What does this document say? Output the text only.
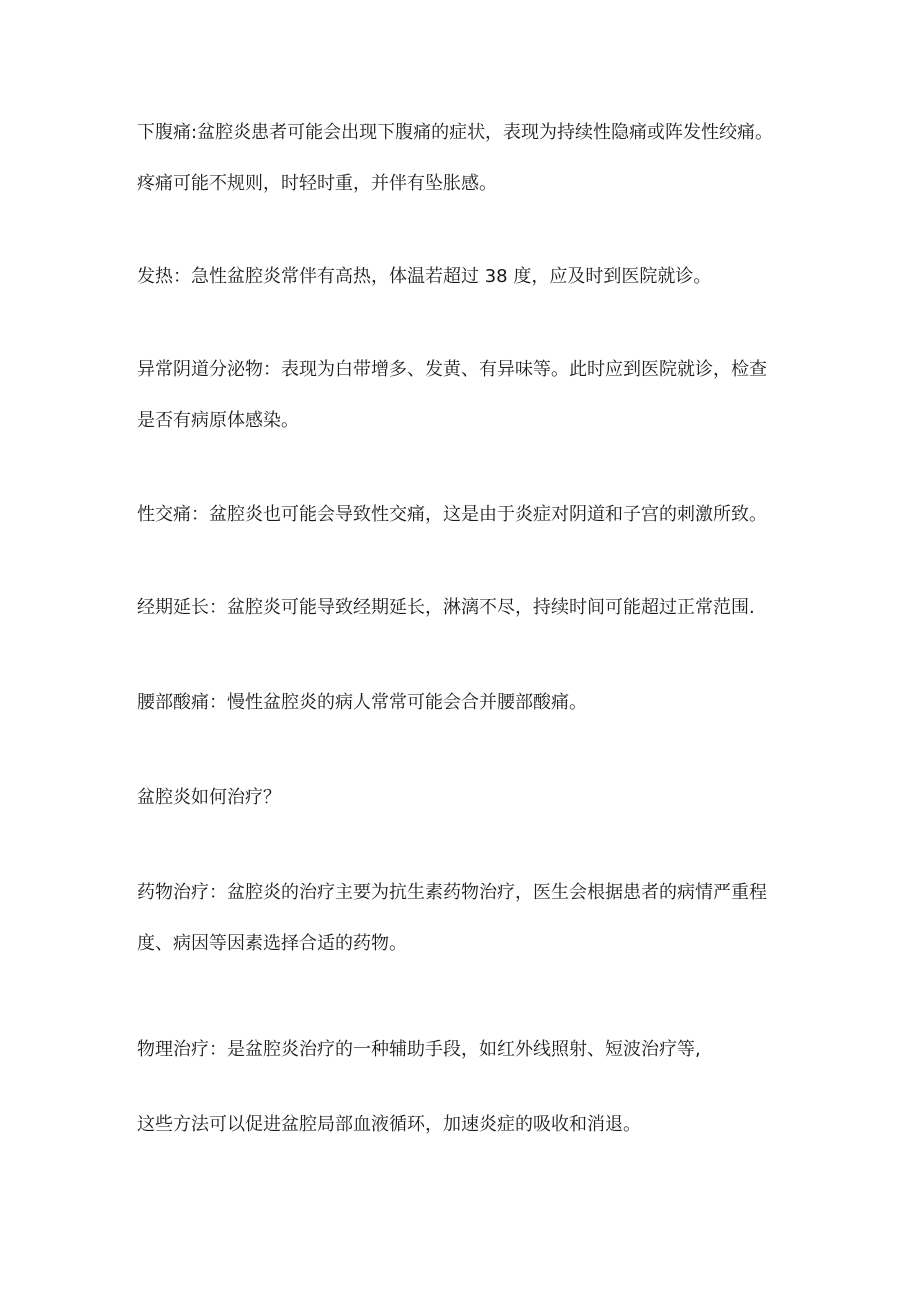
下腹痛:盆腔炎患者可能会出现下腹痛的症状，表现为持续性隐痛或阵发性绞痛。
疼痛可能不规则，时轻时重，并伴有坠胀感。
发热：急性盆腔炎常伴有高热，体温若超过 38 度，应及时到医院就诊。
异常阴道分泌物：表现为白带增多、发黄、有异味等。此时应到医院就诊，检查
是否有病原体感染。
性交痛：盆腔炎也可能会导致性交痛，这是由于炎症对阴道和子宫的刺激所致。
经期延长：盆腔炎可能导致经期延长，淋漓不尽，持续时间可能超过正常范围.
腰部酸痛：慢性盆腔炎的病人常常可能会合并腰部酸痛。
盆腔炎如何治疗？
药物治疗：盆腔炎的治疗主要为抗生素药物治疗，医生会根据患者的病情严重程
度、病因等因素选择合适的药物。
物理治疗：是盆腔炎治疗的一种辅助手段，如红外线照射、短波治疗等,
这些方法可以促进盆腔局部血液循环，加速炎症的吸收和消退。
